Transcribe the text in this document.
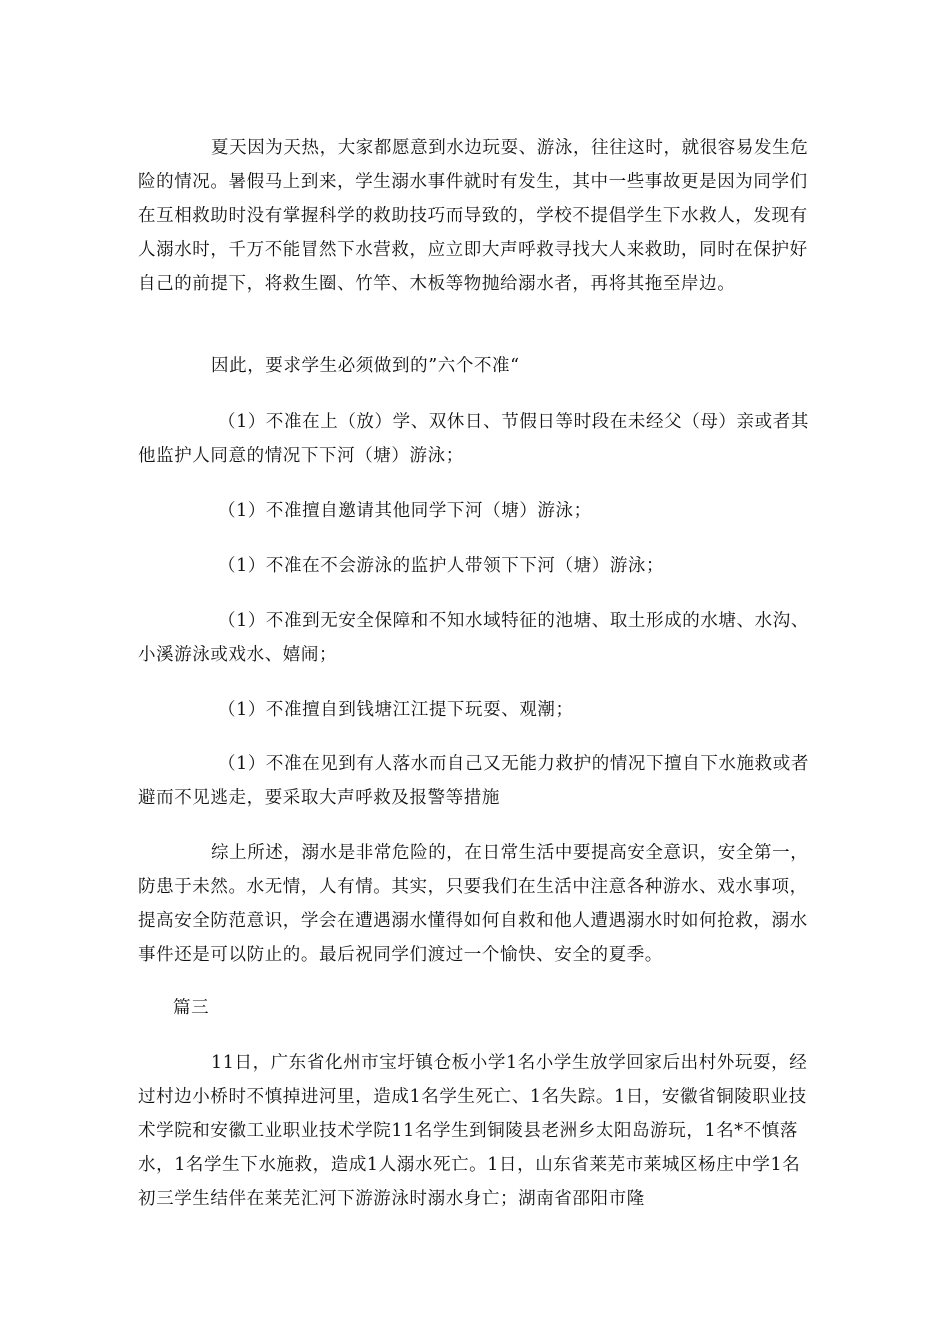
夏天因为天热，大家都愿意到水边玩耍、游泳，往往这时，就很容易发生危险的情况。暑假马上到来，学生溺水事件就时有发生，其中一些事故更是因为同学们在互相救助时没有掌握科学的救助技巧而导致的，学校不提倡学生下水救人，发现有人溺水时，千万不能冒然下水营救，应立即大声呼救寻找大人来救助，同时在保护好自己的前提下，将救生圈、竹竿、木板等物抛给溺水者，再将其拖至岸边。

因此，要求学生必须做到的”六个不准“

（1）不准在上（放）学、双休日、节假日等时段在未经父（母）亲或者其他监护人同意的情况下下河（塘）游泳；

（1）不准擅自邀请其他同学下河（塘）游泳；

（1）不准在不会游泳的监护人带领下下河（塘）游泳；

（1）不准到无安全保障和不知水域特征的池塘、取土形成的水塘、水沟、小溪游泳或戏水、嬉闹；

（1）不准擅自到钱塘江江提下玩耍、观潮；

（1）不准在见到有人落水而自己又无能力救护的情况下擅自下水施救或者避而不见逃走，要采取大声呼救及报警等措施

综上所述，溺水是非常危险的，在日常生活中要提高安全意识，安全第一，防患于未然。水无情，人有情。其实，只要我们在生活中注意各种游水、戏水事项，提高安全防范意识，学会在遭遇溺水懂得如何自救和他人遭遇溺水时如何抢救，溺水事件还是可以防止的。最后祝同学们渡过一个愉快、安全的夏季。

篇三

11日，广东省化州市宝圩镇仓板小学1名小学生放学回家后出村外玩耍，经过村边小桥时不慎掉进河里，造成1名学生死亡、1名失踪。1日，安徽省铜陵职业技术学院和安徽工业职业技术学院11名学生到铜陵县老洲乡太阳岛游玩，1名*不慎落水，1名学生下水施救，造成1人溺水死亡。1日，山东省莱芜市莱城区杨庄中学1名初三学生结伴在莱芜汇河下游游泳时溺水身亡；湖南省邵阳市隆
